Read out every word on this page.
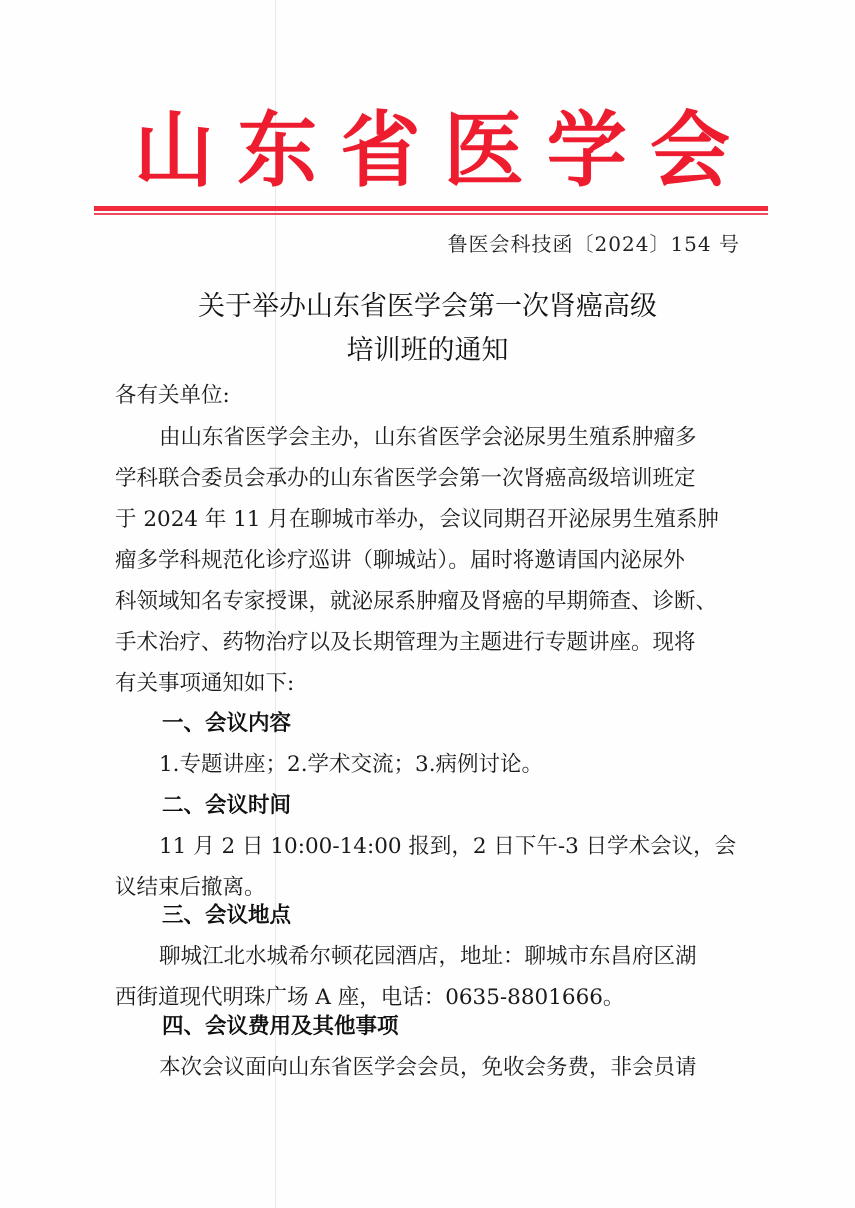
山 东 省 医 学 会
鲁医会科技函〔2024〕154 号
关于举办山东省医学会第一次肾癌高级
培训班的通知
各有关单位:
由山东省医学会主办，山东省医学会泌尿男生殖系肿瘤多
学科联合委员会承办的山东省医学会第一次肾癌高级培训班定
于 2024 年 11 月在聊城市举办，会议同期召开泌尿男生殖系肿
瘤多学科规范化诊疗巡讲（聊城站）。届时将邀请国内泌尿外
科领域知名专家授课，就泌尿系肿瘤及肾癌的早期筛查、诊断、
手术治疗、药物治疗以及长期管理为主题进行专题讲座。现将
有关事项通知如下:
一、会议内容
1.专题讲座；2.学术交流；3.病例讨论。
二、会议时间
11 月 2 日 10:00-14:00 报到，2 日下午-3 日学术会议，会
议结束后撤离。
三、会议地点
聊城江北水城希尔顿花园酒店，地址：聊城市东昌府区湖
西街道现代明珠广场 A 座，电话：0635-8801666。
四、会议费用及其他事项
本次会议面向山东省医学会会员，免收会务费，非会员请
